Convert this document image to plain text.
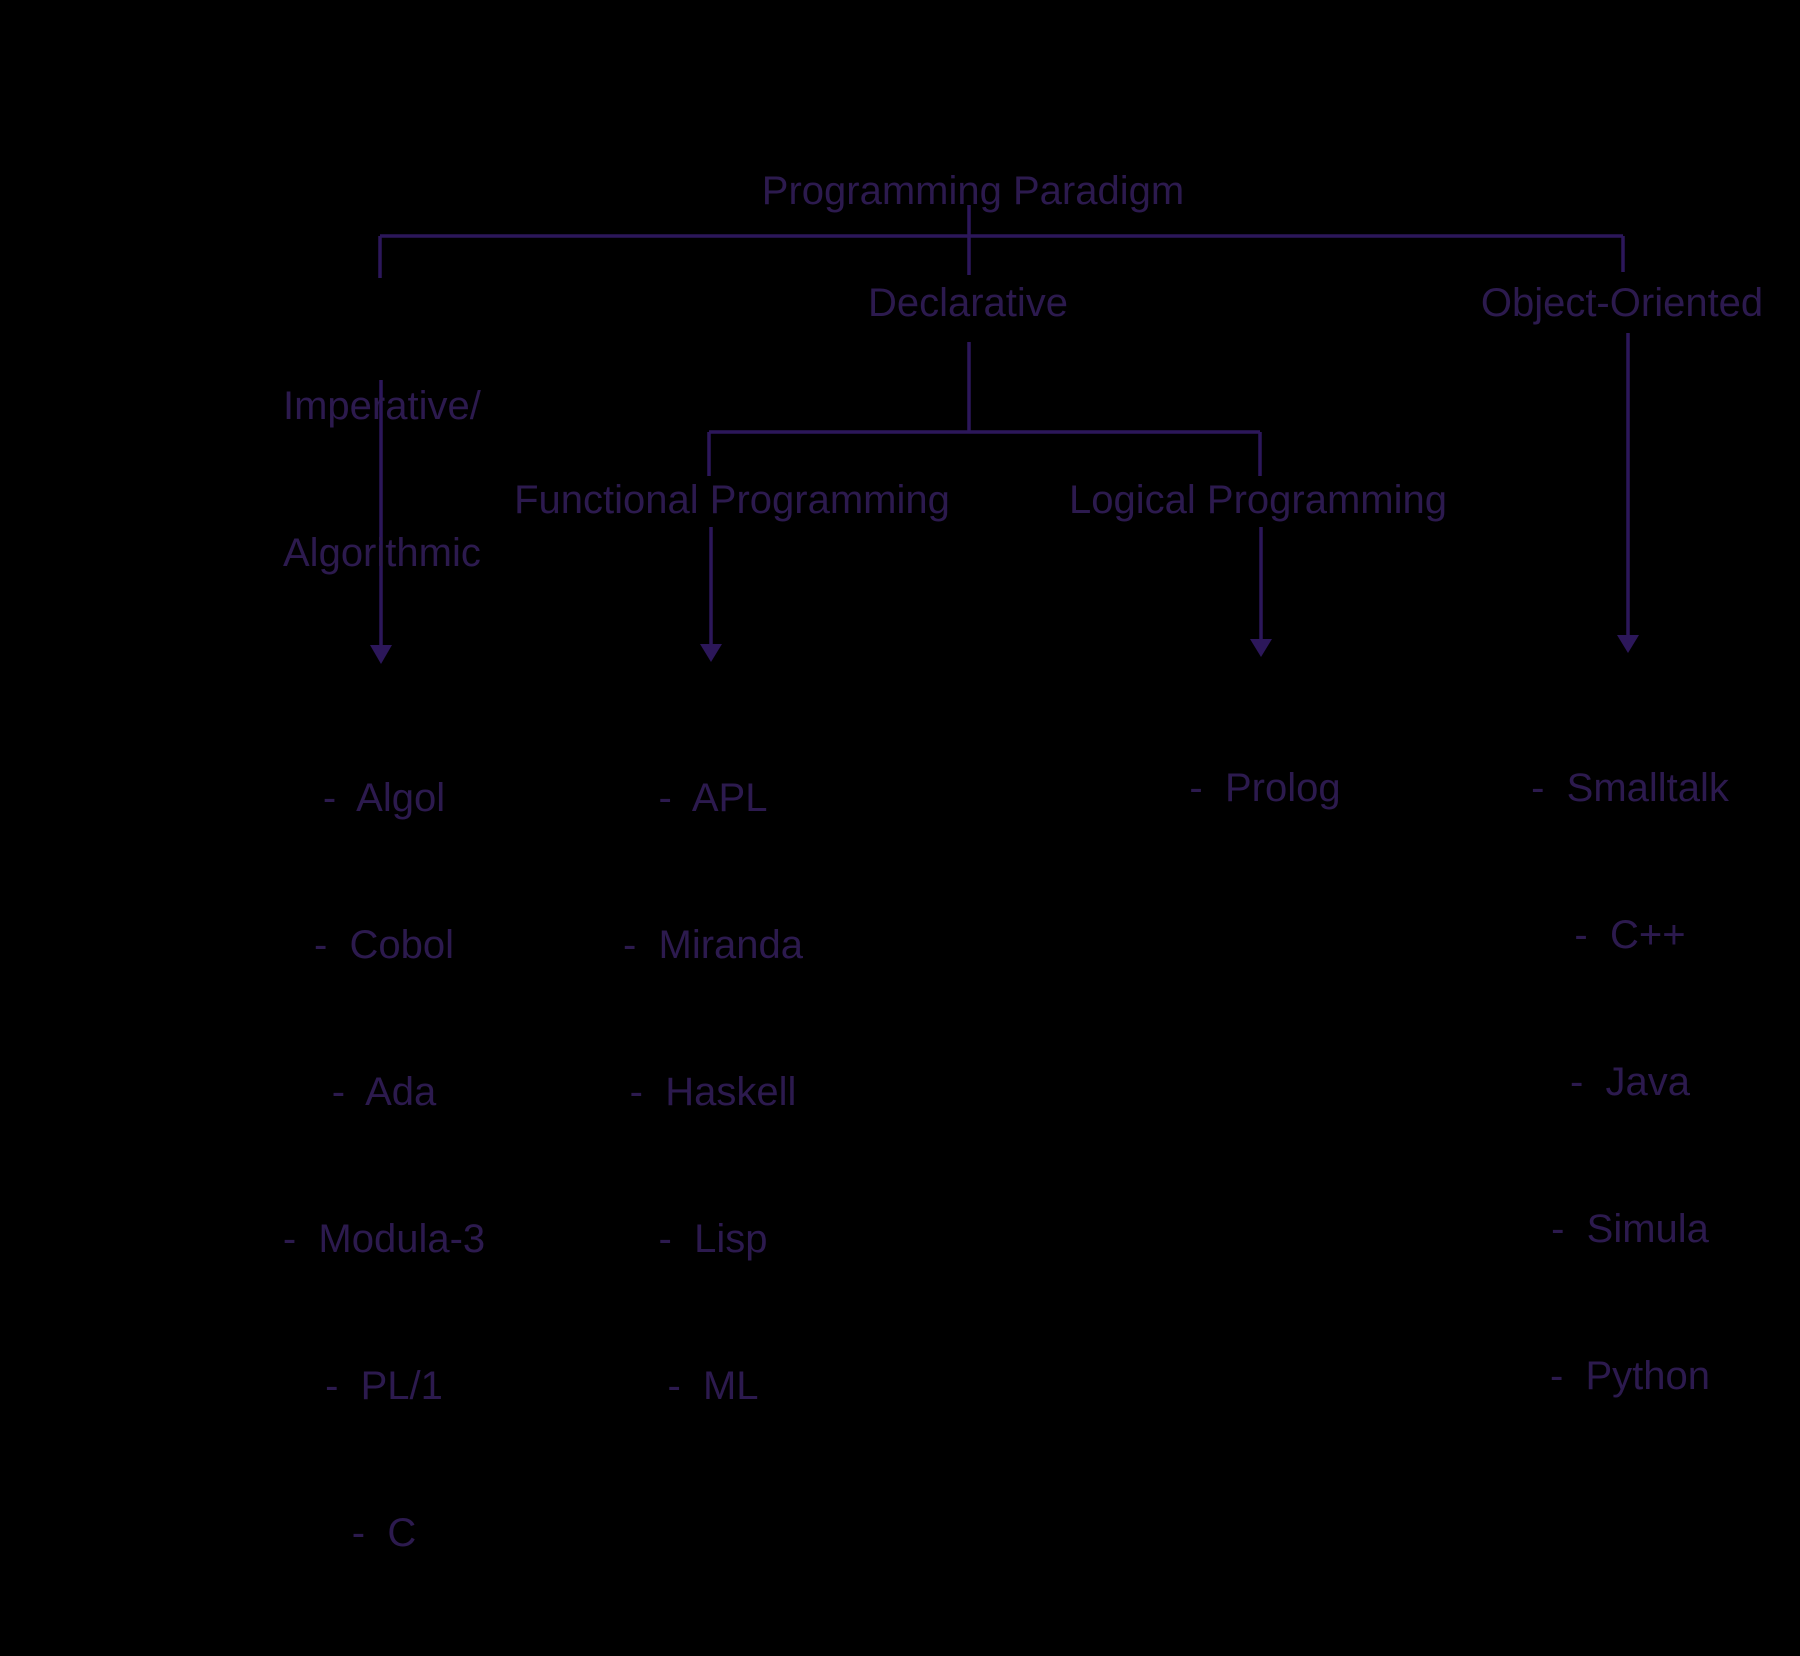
Programming Paradigm

Imperative/

Algorithmic

Declarative	Object-Oriented
Functional Programming	Logical Programming

-  Algol

-  Cobol

-  Ada

-  Modula-3

-  PL/1

-  C

-  APL

-  Miranda

-  Haskell

-  Lisp

-  ML

-  Prolog

	-  Smalltalk

-  C++

-  Java

-  Simula

-  Python
